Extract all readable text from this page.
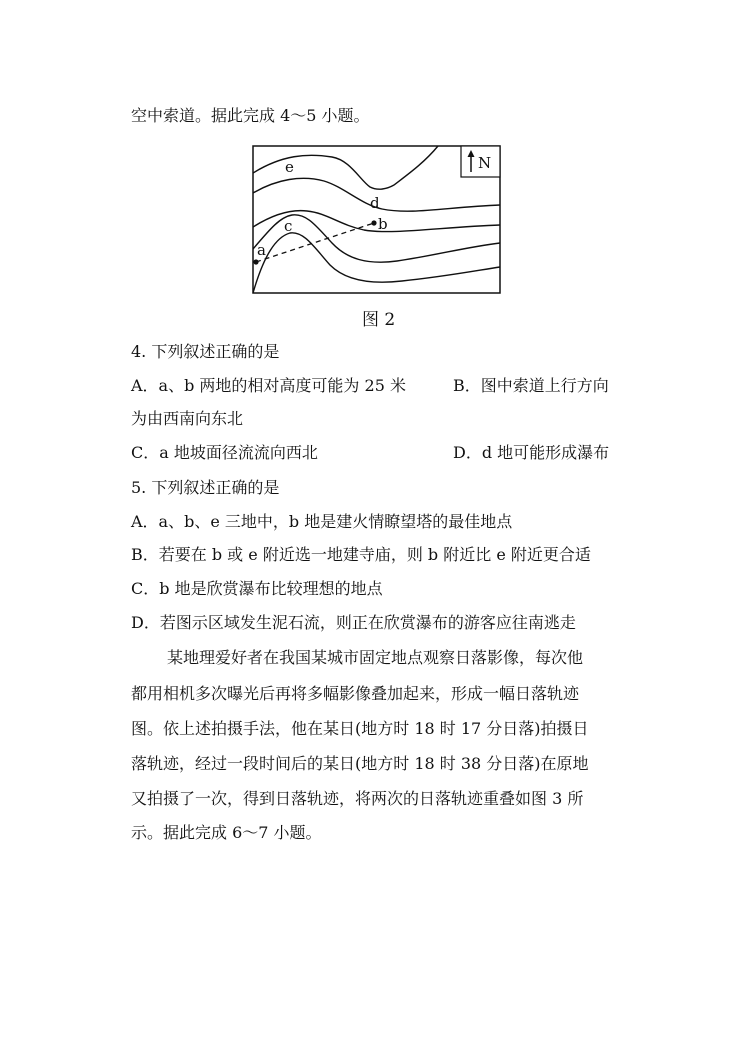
空中索道。据此完成 4～5 小题。
N
a
b
c
d
e
图 2
4. 下列叙述正确的是
A．a、b 两地的相对高度可能为 25 米	B．图中索道上行方向
为由西南向东北
C．a 地坡面径流流向西北	D．d 地可能形成瀑布
5. 下列叙述正确的是
A．a、b、e 三地中，b 地是建火情瞭望塔的最佳地点
B．若要在 b 或 e 附近选一地建寺庙，则 b 附近比 e 附近更合适
C．b 地是欣赏瀑布比较理想的地点
D．若图示区域发生泥石流，则正在欣赏瀑布的游客应往南逃走
某地理爱好者在我国某城市固定地点观察日落影像，每次他
都用相机多次曝光后再将多幅影像叠加起来，形成一幅日落轨迹
图。依上述拍摄手法，他在某日(地方时 18 时 17 分日落)拍摄日
落轨迹，经过一段时间后的某日(地方时 18 时 38 分日落)在原地
又拍摄了一次，得到日落轨迹，将两次的日落轨迹重叠如图 3 所
示。据此完成 6～7 小题。
